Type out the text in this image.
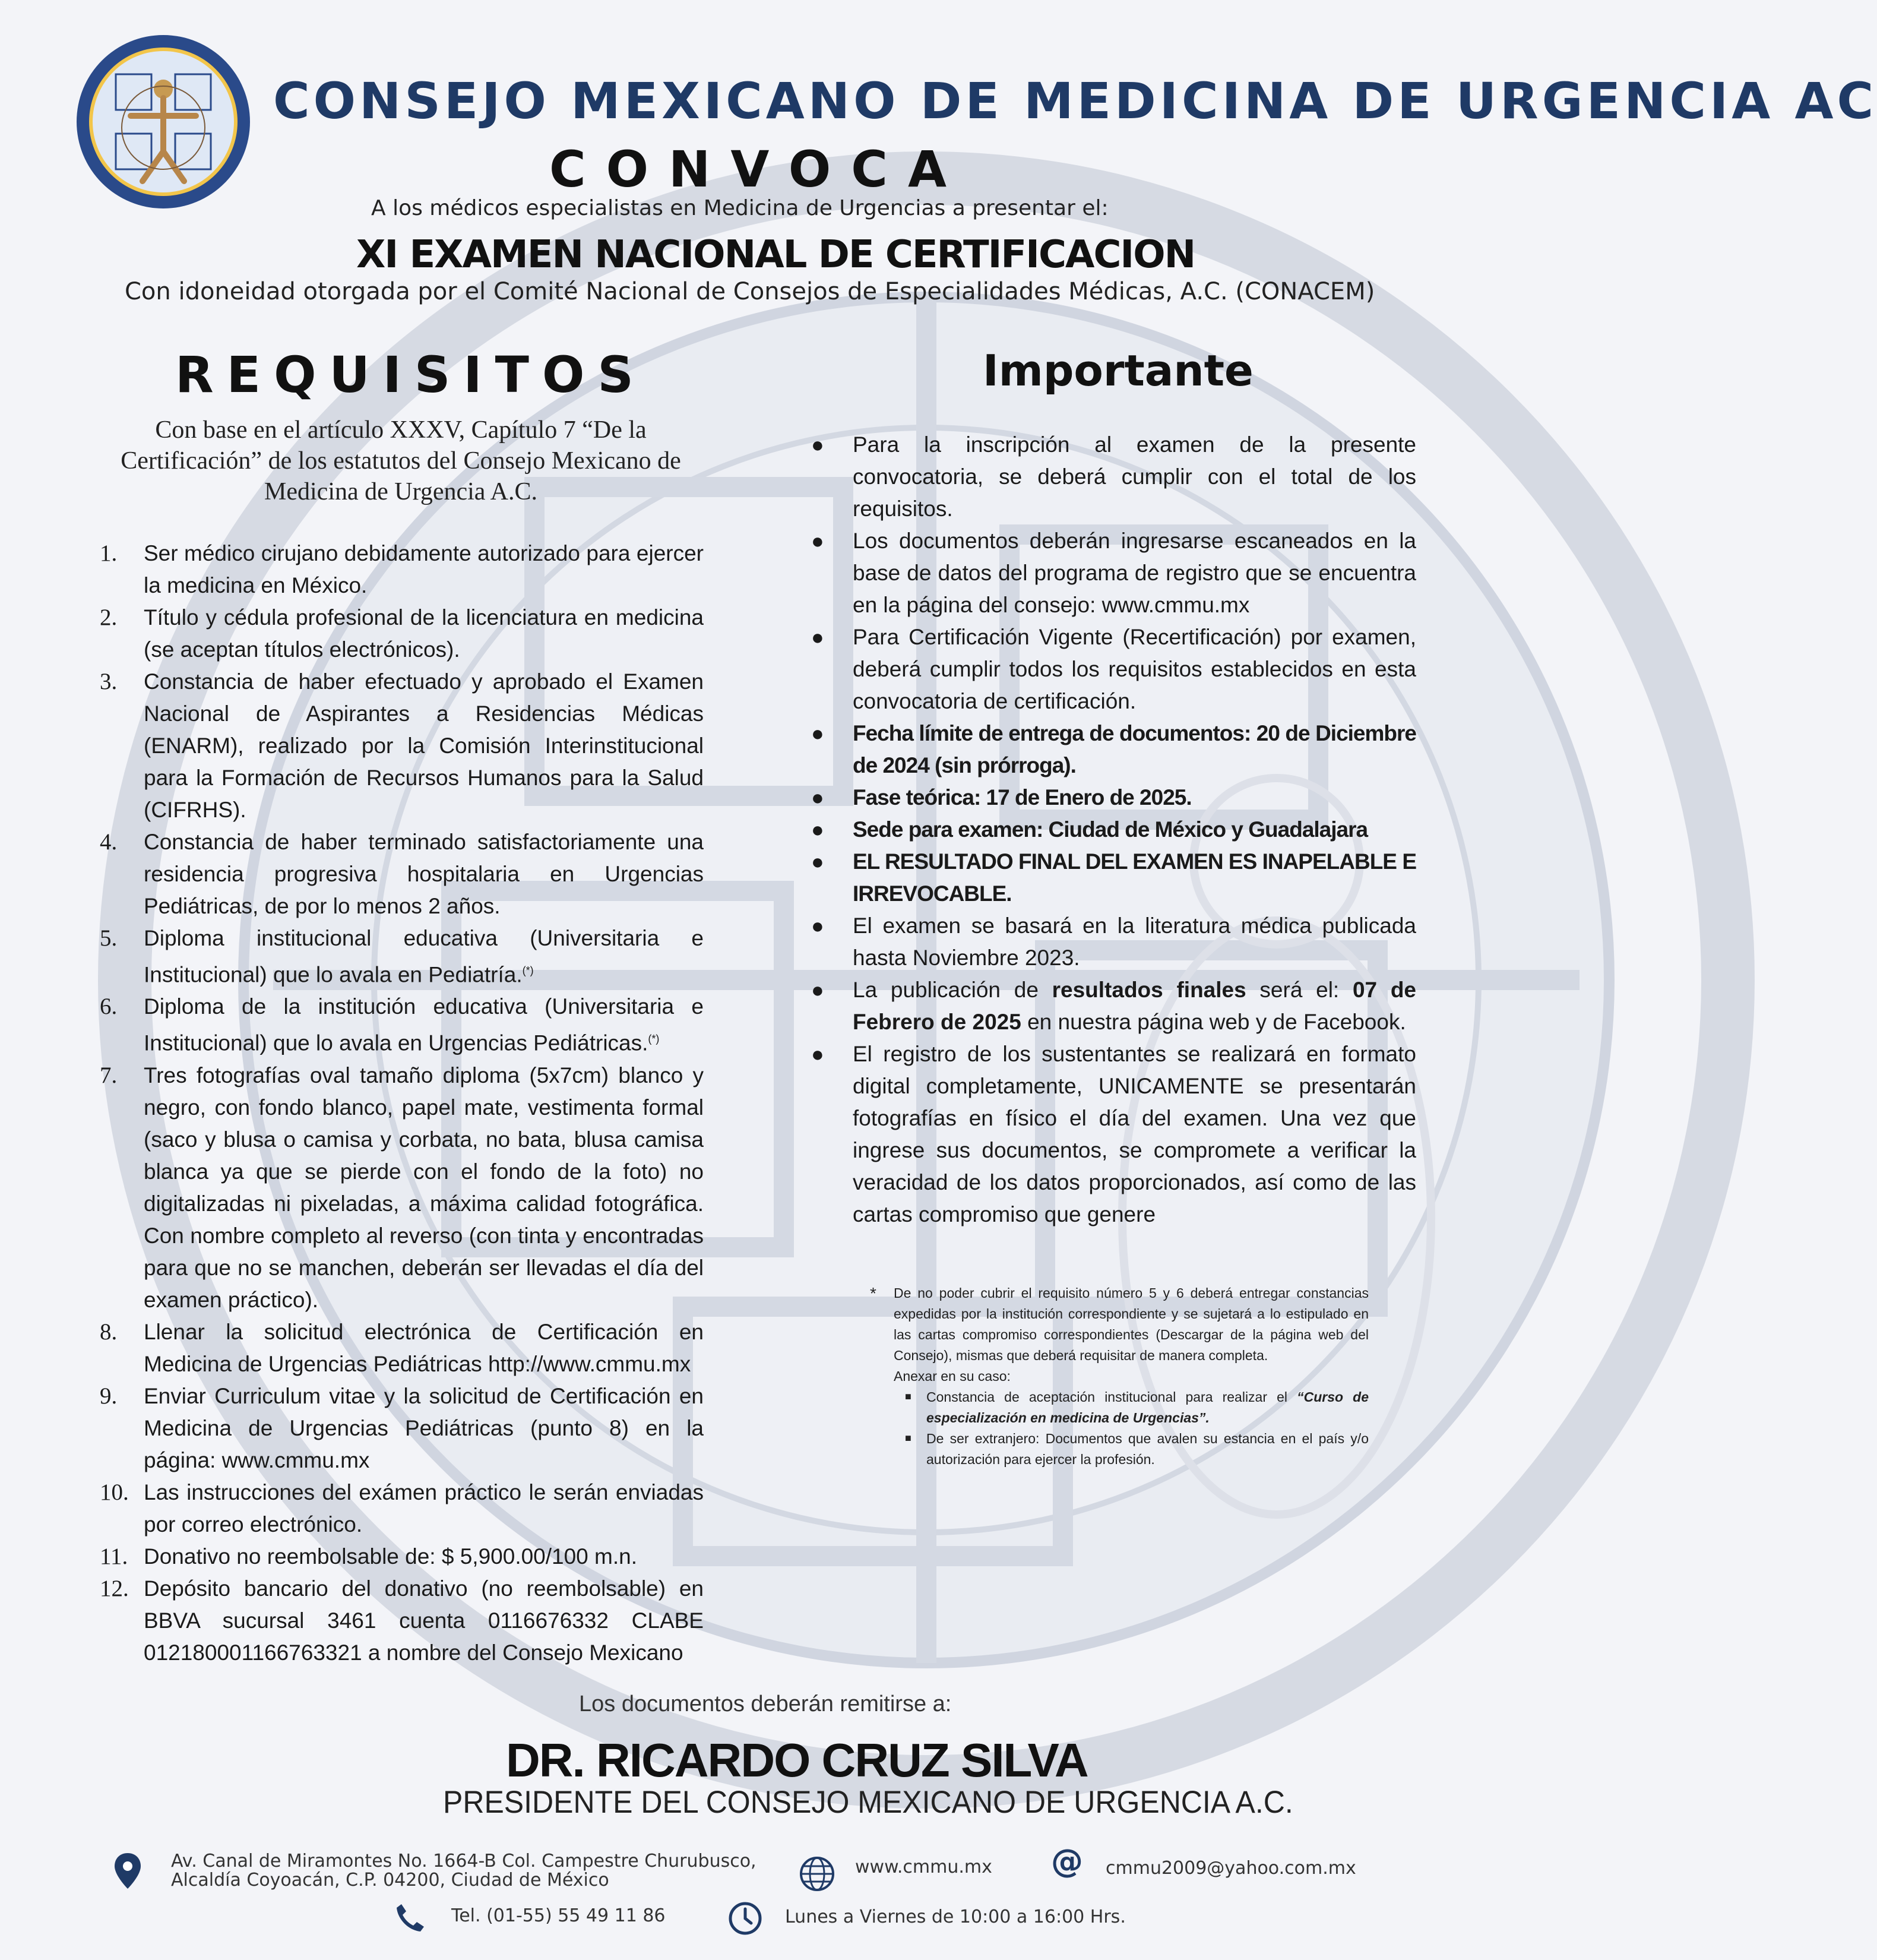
CONSEJO MEXICANO DE MEDICINA DE URGENCIA AC
CONVOCA
A los médicos especialistas en Medicina de Urgencias a presentar el:
XI EXAMEN NACIONAL DE CERTIFICACION
Con idoneidad otorgada por el Comité Nacional de Consejos de Especialidades Médicas, A.C. (CONACEM)
REQUISITOS
Con base en el artículo XXXV, Capítulo 7 “De la Certificación” de los estatutos del Consejo Mexicano de Medicina de Urgencia A.C.
1. Ser médico cirujano debidamente autorizado para ejercer la medicina en México.
2. Título y cédula profesional de la licenciatura en medicina (se aceptan títulos electrónicos).
3. Constancia de haber efectuado y aprobado el Examen Nacional de Aspirantes a Residencias Médicas (ENARM), realizado por la Comisión Interinstitucional para la Formación de Recursos Humanos para la Salud (CIFRHS).
4. Constancia de haber terminado satisfactoriamente una residencia progresiva hospitalaria en Urgencias Pediátricas, de por lo menos 2 años.
5. Diploma institucional educativa (Universitaria e Institucional) que lo avala en Pediatría.(*)
6. Diploma de la institución educativa (Universitaria e Institucional) que lo avala en Urgencias Pediátricas.(*)
7. Tres fotografías oval tamaño diploma (5x7cm) blanco y negro, con fondo blanco, papel mate, vestimenta formal (saco y blusa o camisa y corbata, no bata, blusa camisa blanca ya que se pierde con el fondo de la foto) no digitalizadas ni pixeladas, a máxima calidad fotográfica. Con nombre completo al reverso (con tinta y encontradas para que no se manchen, deberán ser llevadas el día del examen práctico).
8. Llenar la solicitud electrónica de Certificación en Medicina de Urgencias Pediátricas http://www.cmmu.mx
9. Enviar Curriculum vitae y la solicitud de Certificación en Medicina de Urgencias Pediátricas (punto 8) en la página: www.cmmu.mx
10. Las instrucciones del exámen práctico le serán enviadas por correo electrónico.
11. Donativo no reembolsable de: $ 5,900.00/100 m.n.
12. Depósito bancario del donativo (no reembolsable) en BBVA sucursal 3461 cuenta 0116676332 CLABE 012180001166763321 a nombre del Consejo Mexicano
Importante
● Para la inscripción al examen de la presente convocatoria, se deberá cumplir con el total de los requisitos.
● Los documentos deberán ingresarse escaneados en la base de datos del programa de registro que se encuentra en la página del consejo: www.cmmu.mx
● Para Certificación Vigente (Recertificación) por examen, deberá cumplir todos los requisitos establecidos en esta convocatoria de certificación.
● Fecha límite de entrega de documentos: 20 de Diciembre de 2024 (sin prórroga).
● Fase teórica: 17 de Enero de 2025.
● Sede para examen: Ciudad de México y Guadalajara
● EL RESULTADO FINAL DEL EXAMEN ES INAPELABLE E IRREVOCABLE.
● El examen se basará en la literatura médica publicada hasta Noviembre 2023.
● La publicación de resultados finales será el: 07 de Febrero de 2025 en nuestra página web y de Facebook.
● El registro de los sustentantes se realizará en formato digital completamente, UNICAMENTE se presentarán fotografías en físico el día del examen. Una vez que ingrese sus documentos, se compromete a verificar la veracidad de los datos proporcionados, así como de las cartas compromiso que genere
* De no poder cubrir el requisito número 5 y 6 deberá entregar constancias expedidas por la institución correspondiente y se sujetará a lo estipulado en las cartas compromiso correspondientes (Descargar de la página web del Consejo), mismas que deberá requisitar de manera completa.
Anexar en su caso:
■ Constancia de aceptación institucional para realizar el “Curso de especialización en medicina de Urgencias”.
■ De ser extranjero: Documentos que avalen su estancia en el país y/o autorización para ejercer la profesión.
Los documentos deberán remitirse a:
DR. RICARDO CRUZ SILVA
PRESIDENTE DEL CONSEJO MEXICANO DE URGENCIA A.C.
Av. Canal de Miramontes No. 1664-B Col. Campestre Churubusco,
Alcaldía Coyoacán, C.P. 04200, Ciudad de México
www.cmmu.mx @ cmmu2009@yahoo.com.mx
Tel. (01-55) 55 49 11 86	Lunes a Viernes de 10:00 a 16:00 Hrs.
